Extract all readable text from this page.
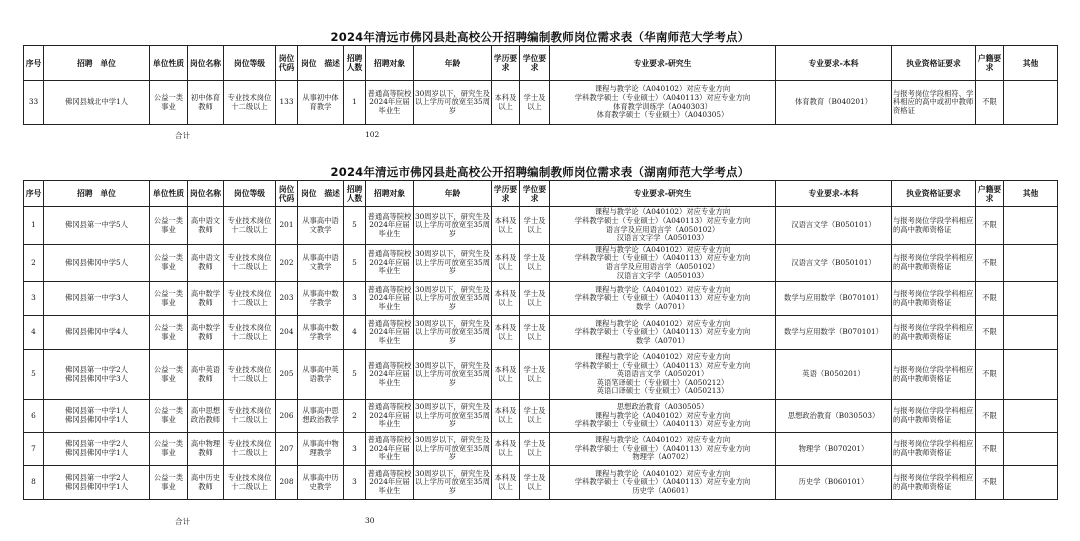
2024年清远市佛冈县赴高校公开招聘编制教师岗位需求表（华南师范大学考点）
序号	招聘　单位	单位性质	岗位名称	岗位等级	岗位代码	岗位　描述	招聘人数	招聘对象	年龄	学历要求	学位要求	专业要求-研究生	专业要求-本科	执业资格证要求	户籍要求	其他
33	佛冈县城北中学1人	公益一类事业	初中体育教师	专业技术岗位十二级以上	133	从事初中体育教学	1	普通高等院校2024年应届毕业生	30周岁以下，研究生及以上学历可放宽至35周岁	本科及以上	学士及以上	课程与教学论（A040102）对应专业方向
学科教学硕士（专业硕士）（A040113）对应专业方向
体育教学训练学（A040303）
体育教学硕士（专业硕士）（A040305）	体育教育（B040201）	与报考岗位学段相符、学科相应的高中或初中教师资格证	不限	
合计	102
2024年清远市佛冈县赴高校公开招聘编制教师岗位需求表（湖南师范大学考点）
序号	招聘　单位	单位性质	岗位名称	岗位等级	岗位代码	岗位　描述	招聘人数	招聘对象	年龄	学历要求	学位要求	专业要求-研究生	专业要求-本科	执业资格证要求	户籍要求	其他
1	佛冈县第一中学5人	公益一类事业	高中语文教师	专业技术岗位十二级以上	201	从事高中语文教学	5	普通高等院校2024年应届毕业生	30周岁以下，研究生及以上学历可放宽至35周岁	本科及以上	学士及以上	课程与教学论（A040102）对应专业方向
学科教学硕士（专业硕士）（A040113）对应专业方向
语言学及应用语言学（A050102）
汉语言文字学（A050103）	汉语言文学（B050101）	与报考岗位学段学科相应的高中教师资格证	不限	
2	佛冈县佛冈中学5人	公益一类事业	高中语文教师	专业技术岗位十二级以上	202	从事高中语文教学	5	普通高等院校2024年应届毕业生	30周岁以下，研究生及以上学历可放宽至35周岁	本科及以上	学士及以上	课程与教学论（A040102）对应专业方向
学科教学硕士（专业硕士）（A040113）对应专业方向
语言学及应用语言学（A050102）
汉语言文字学（A050103）	汉语言文学（B050101）	与报考岗位学段学科相应的高中教师资格证	不限	
3	佛冈县第一中学3人	公益一类事业	高中数学教师	专业技术岗位十二级以上	203	从事高中数学教学	3	普通高等院校2024年应届毕业生	30周岁以下，研究生及以上学历可放宽至35周岁	本科及以上	学士及以上	课程与教学论（A040102）对应专业方向
学科教学硕士（专业硕士）（A040113）对应专业方向
数学（A0701）	数学与应用数学（B070101）	与报考岗位学段学科相应的高中教师资格证	不限	
4	佛冈县佛冈中学4人	公益一类事业	高中数学教师	专业技术岗位十二级以上	204	从事高中数学教学	4	普通高等院校2024年应届毕业生	30周岁以下，研究生及以上学历可放宽至35周岁	本科及以上	学士及以上	课程与教学论（A040102）对应专业方向
学科教学硕士（专业硕士）（A040113）对应专业方向
数学（A0701）	数学与应用数学（B070101）	与报考岗位学段学科相应的高中教师资格证	不限	
5	佛冈县第一中学2人
佛冈县佛冈中学3人	公益一类事业	高中英语教师	专业技术岗位十二级以上	205	从事高中英语教学	5	普通高等院校2024年应届毕业生	30周岁以下，研究生及以上学历可放宽至35周岁	本科及以上	学士及以上	课程与教学论（A040102）对应专业方向
学科教学硕士（专业硕士）（A040113）对应专业方向
英语语言文学（A050201）
英语笔译硕士（专业硕士）（A050212）
英语口译硕士（专业硕士）（A050213）	英语（B050201）	与报考岗位学段学科相应的高中教师资格证	不限	
6	佛冈县第一中学1人
佛冈县佛冈中学1人	公益一类事业	高中思想政治教师	专业技术岗位十二级以上	206	从事高中思想政治教学	2	普通高等院校2024年应届毕业生	30周岁以下，研究生及以上学历可放宽至35周岁	本科及以上	学士及以上	思想政治教育（A030505）
课程与教学论（A040102）对应专业方向
学科教学硕士（专业硕士）（A040113）对应专业方向	思想政治教育（B030503）	与报考岗位学段学科相应的高中教师资格证	不限	
7	佛冈县第一中学2人
佛冈县佛冈中学1人	公益一类事业	高中物理教师	专业技术岗位十二级以上	207	从事高中物理教学	3	普通高等院校2024年应届毕业生	30周岁以下，研究生及以上学历可放宽至35周岁	本科及以上	学士及以上	课程与教学论（A040102）对应专业方向
学科教学硕士（专业硕士）（A040113）对应专业方向
物理学（A0702）	物理学（B070201）	与报考岗位学段学科相应的高中教师资格证	不限	
8	佛冈县第一中学2人
佛冈县佛冈中学1人	公益一类事业	高中历史教师	专业技术岗位十二级以上	208	从事高中历史教学	3	普通高等院校2024年应届毕业生	30周岁以下，研究生及以上学历可放宽至35周岁	本科及以上	学士及以上	课程与教学论（A040102）对应专业方向
学科教学硕士（专业硕士）（A040113）对应专业方向
历史学（A0601）	历史学（B060101）	与报考岗位学段学科相应的高中教师资格证	不限	
合计	30
